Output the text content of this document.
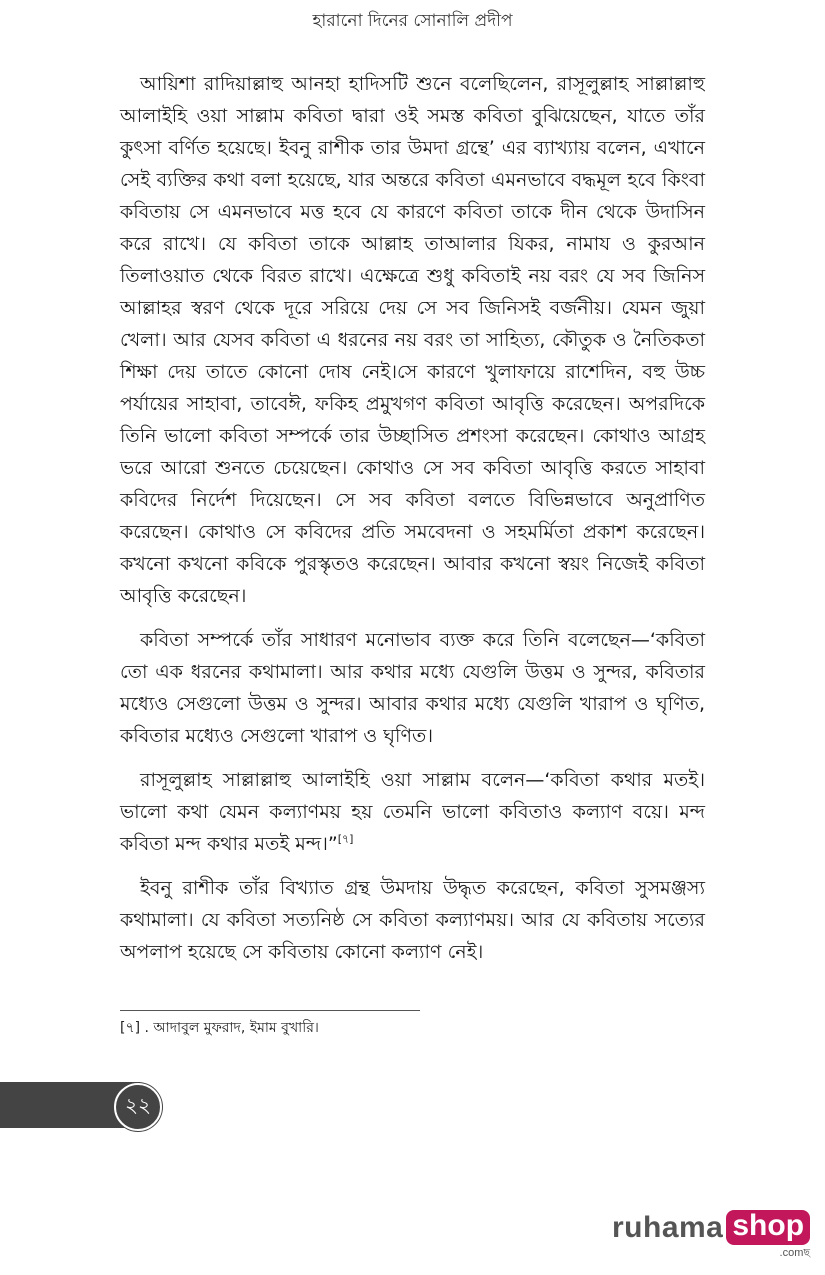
হারানো দিনের সোনালি প্রদীপ

আয়িশা রাদিয়াল্লাহু আনহা হাদিসটি শুনে বলেছিলেন, রাসূলুল্লাহ সাল্লাল্লাহু আলাইহি ওয়া সাল্লাম কবিতা দ্বারা ওই সমস্ত কবিতা বুঝিয়েছেন, যাতে তাঁর কুৎসা বর্ণিত হয়েছে। ইবনু রাশীক তার উমদা গ্রন্থে’ এর ব্যাখ্যায় বলেন, এখানে সেই ব্যক্তির কথা বলা হয়েছে, যার অন্তরে কবিতা এমনভাবে বদ্ধমূল হবে কিংবা কবিতায় সে এমনভাবে মত্ত হবে যে কারণে কবিতা তাকে দীন থেকে উদাসিন করে রাখে। যে কবিতা তাকে আল্লাহ তাআলার যিকর, নামায ও কুরআন তিলাওয়াত থেকে বিরত রাখে। এক্ষেত্রে শুধু কবিতাই নয় বরং যে সব জিনিস আল্লাহর স্বরণ থেকে দূরে সরিয়ে দেয় সে সব জিনিসই বর্জনীয়। যেমন জুয়া খেলা। আর যেসব কবিতা এ ধরনের নয় বরং তা সাহিত্য, কৌতুক ও নৈতিকতা শিক্ষা দেয় তাতে কোনো দোষ নেই।সে কারণে খুলাফায়ে রাশেদিন, বহু উচ্চ পর্যায়ের সাহাবা, তাবেঈ, ফকিহ প্রমুখগণ কবিতা আবৃত্তি করেছেন। অপরদিকে তিনি ভালো কবিতা সম্পর্কে তার উচ্ছাসিত প্রশংসা করেছেন। কোথাও আগ্রহ ভরে আরো শুনতে চেয়েছেন। কোথাও সে সব কবিতা আবৃত্তি করতে সাহাবা কবিদের নির্দেশ দিয়েছেন। সে সব কবিতা বলতে বিভিন্নভাবে অনুপ্রাণিত করেছেন। কোথাও সে কবিদের প্রতি সমবেদনা ও সহমর্মিতা প্রকাশ করেছেন। কখনো কখনো কবিকে পুরস্কৃতও করেছেন। আবার কখনো স্বয়ং নিজেই কবিতা আবৃত্তি করেছেন।

কবিতা সম্পর্কে তাঁর সাধারণ মনোভাব ব্যক্ত করে তিনি বলেছেন—‘কবিতা তো এক ধরনের কথামালা। আর কথার মধ্যে যেগুলি উত্তম ও সুন্দর, কবিতার মধ্যেও সেগুলো উত্তম ও সুন্দর। আবার কথার মধ্যে যেগুলি খারাপ ও ঘৃণিত, কবিতার মধ্যেও সেগুলো খারাপ ও ঘৃণিত।

রাসূলুল্লাহ সাল্লাল্লাহু আলাইহি ওয়া সাল্লাম বলেন—‘কবিতা কথার মতই। ভালো কথা যেমন কল্যাণময় হয় তেমনি ভালো কবিতাও কল্যাণ বয়ে। মন্দ কবিতা মন্দ কথার মতই মন্দ।”[৭]

ইবনু রাশীক তাঁর বিখ্যাত গ্রন্থ উমদায় উদ্ধৃত করেছেন, কবিতা সুসমঞ্জস্য কথামালা। যে কবিতা সত্যনিষ্ঠ সে কবিতা কল্যাণময়। আর যে কবিতায় সত্যের অপলাপ হয়েছে সে কবিতায় কোনো কল্যাণ নেই।

[৭] . আদাবুল মুফরাদ, ইমাম বুখারি।
২২
ruhama shop
.comছ
